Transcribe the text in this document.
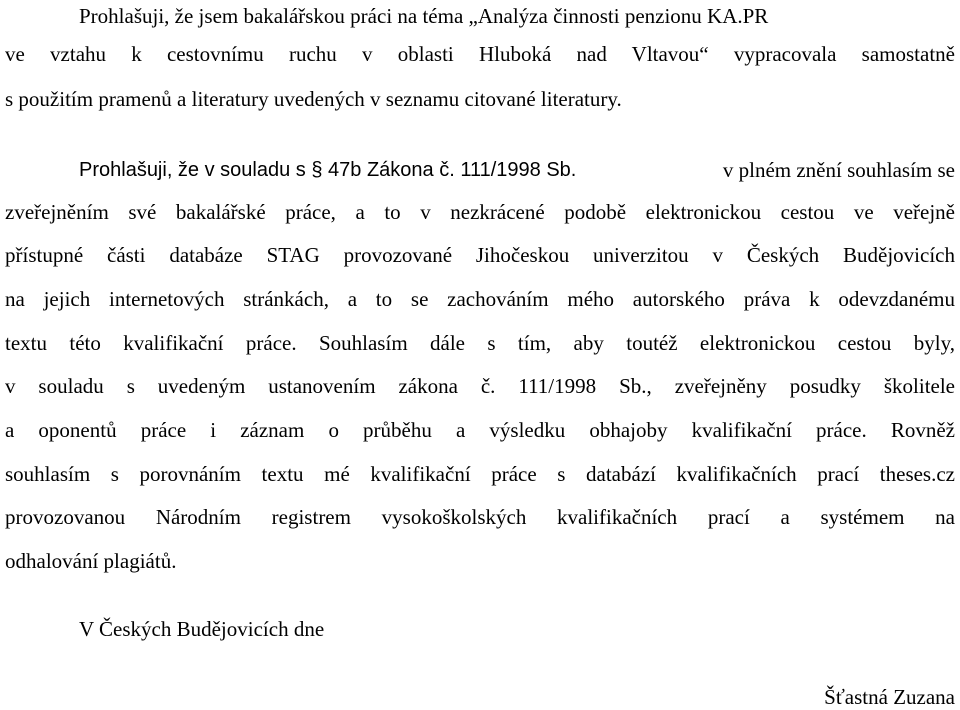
Prohlašuji, že jsem bakalářskou práci na téma „Analýza činnosti penzionu KA.PR
ve vztahu k cestovnímu ruchu v oblasti Hluboká nad Vltavou“ vypracovala samostatně
s použitím pramenů a literatury uvedených v seznamu citované literatury.
Prohlašuji, že v souladu s § 47b Zákona č. 111/1998 Sb.	v plném znění souhlasím se
zveřejněním své bakalářské práce, a to v nezkrácené podobě elektronickou cestou ve veřejně
přístupné části databáze STAG provozované Jihočeskou univerzitou v Českých Budějovicích
na jejich internetových stránkách, a to se zachováním mého autorského práva k odevzdanému
textu této kvalifikační práce. Souhlasím dále s tím, aby toutéž elektronickou cestou byly,
v souladu s uvedeným ustanovením zákona č. 111/1998 Sb., zveřejněny posudky školitele
a oponentů práce i záznam o průběhu a výsledku obhajoby kvalifikační práce. Rovněž
souhlasím s porovnáním textu mé kvalifikační práce s databází kvalifikačních prací theses.cz
provozovanou Národním registrem vysokoškolských kvalifikačních prací a systémem na
odhalování plagiátů.
V Českých Budějovicích dne
Šťastná Zuzana
